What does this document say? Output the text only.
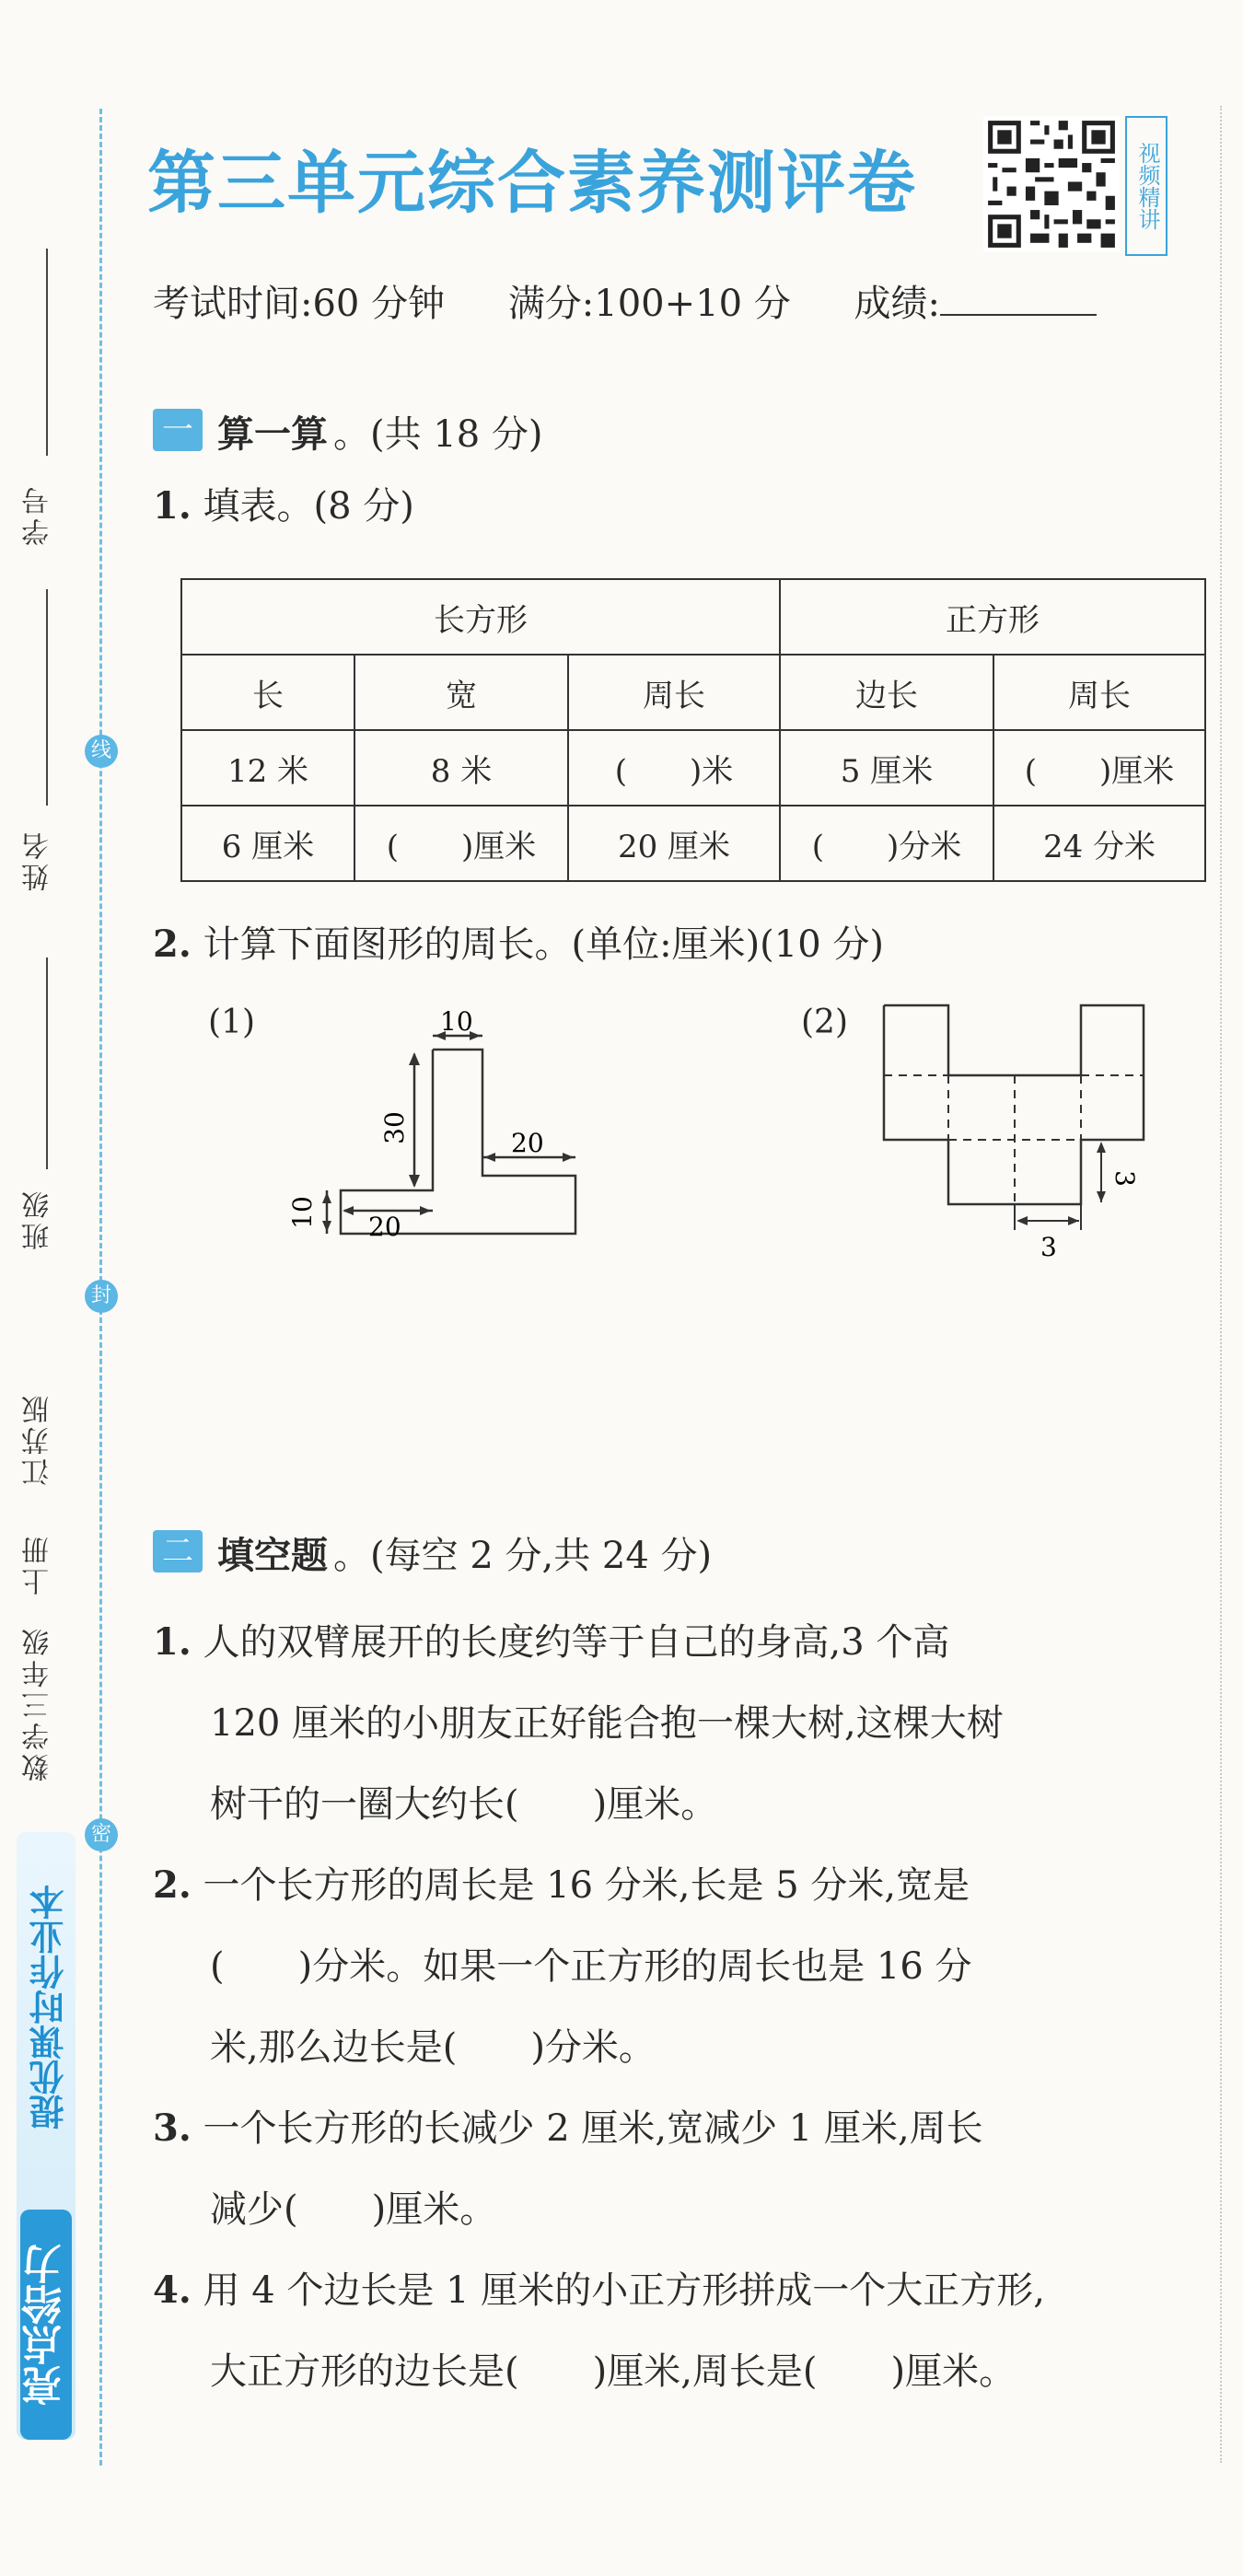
学号
姓名
班级
江苏版
上册
数学三年级
线
封
密
提优课时作业本
亮点给力
第三单元综合素养测评卷	视频精讲
考试时间:60 分钟 满分:100+10 分 成绩:
一 算一算 。(共 18 分)
1. 填表。(8 分)
长方形			正方形	
长	宽	周长	边长	周长
12 米	8 米	(　　)米	5 厘米	(　　)厘米
6 厘米	(　　)厘米	20 厘米	(　　)分米	24 分米
2. 计算下面图形的周长。(单位:厘米)(10 分)
(1)	10
30	20
20
10
(2)
3
3
二 填空题 。(每空 2 分,共 24 分)
1. 人的双臂展开的长度约等于自己的身高,3 个高
120 厘米的小朋友正好能合抱一棵大树,这棵大树
树干的一圈大约长(　　)厘米。
2. 一个长方形的周长是 16 分米,长是 5 分米,宽是
(　　)分米。如果一个正方形的周长也是 16 分
米,那么边长是(　　)分米。
3. 一个长方形的长减少 2 厘米,宽减少 1 厘米,周长
减少(　　)厘米。
4. 用 4 个边长是 1 厘米的小正方形拼成一个大正方形,
大正方形的边长是(　　)厘米,周长是(　　)厘米。
